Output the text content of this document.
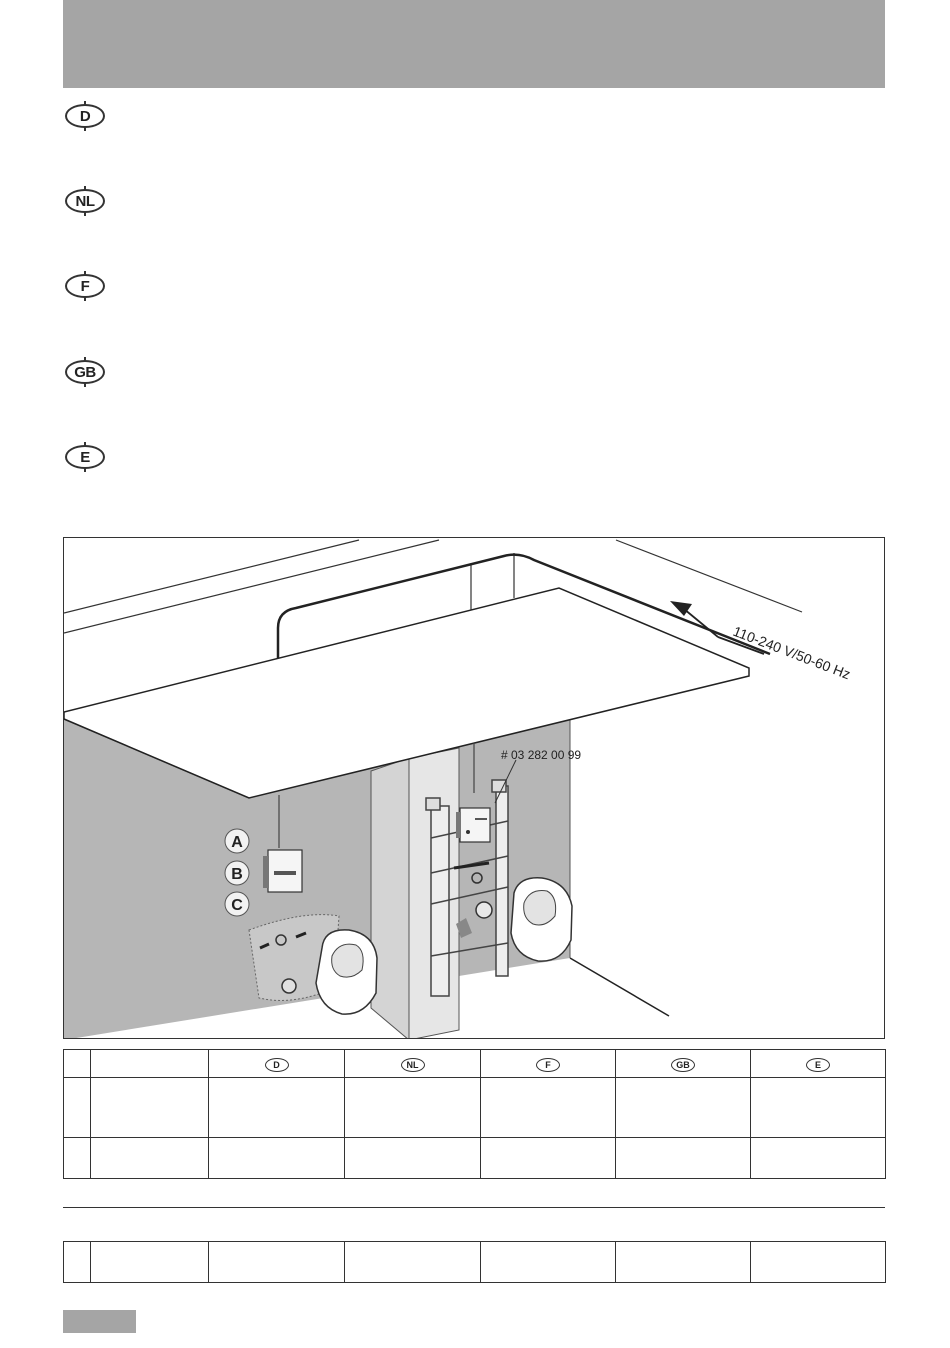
D
NL
F
GB
E
A
B
C
# 03 282 00 99
110-240 V/50-60 Hz
		D	NL	F	GB	E
